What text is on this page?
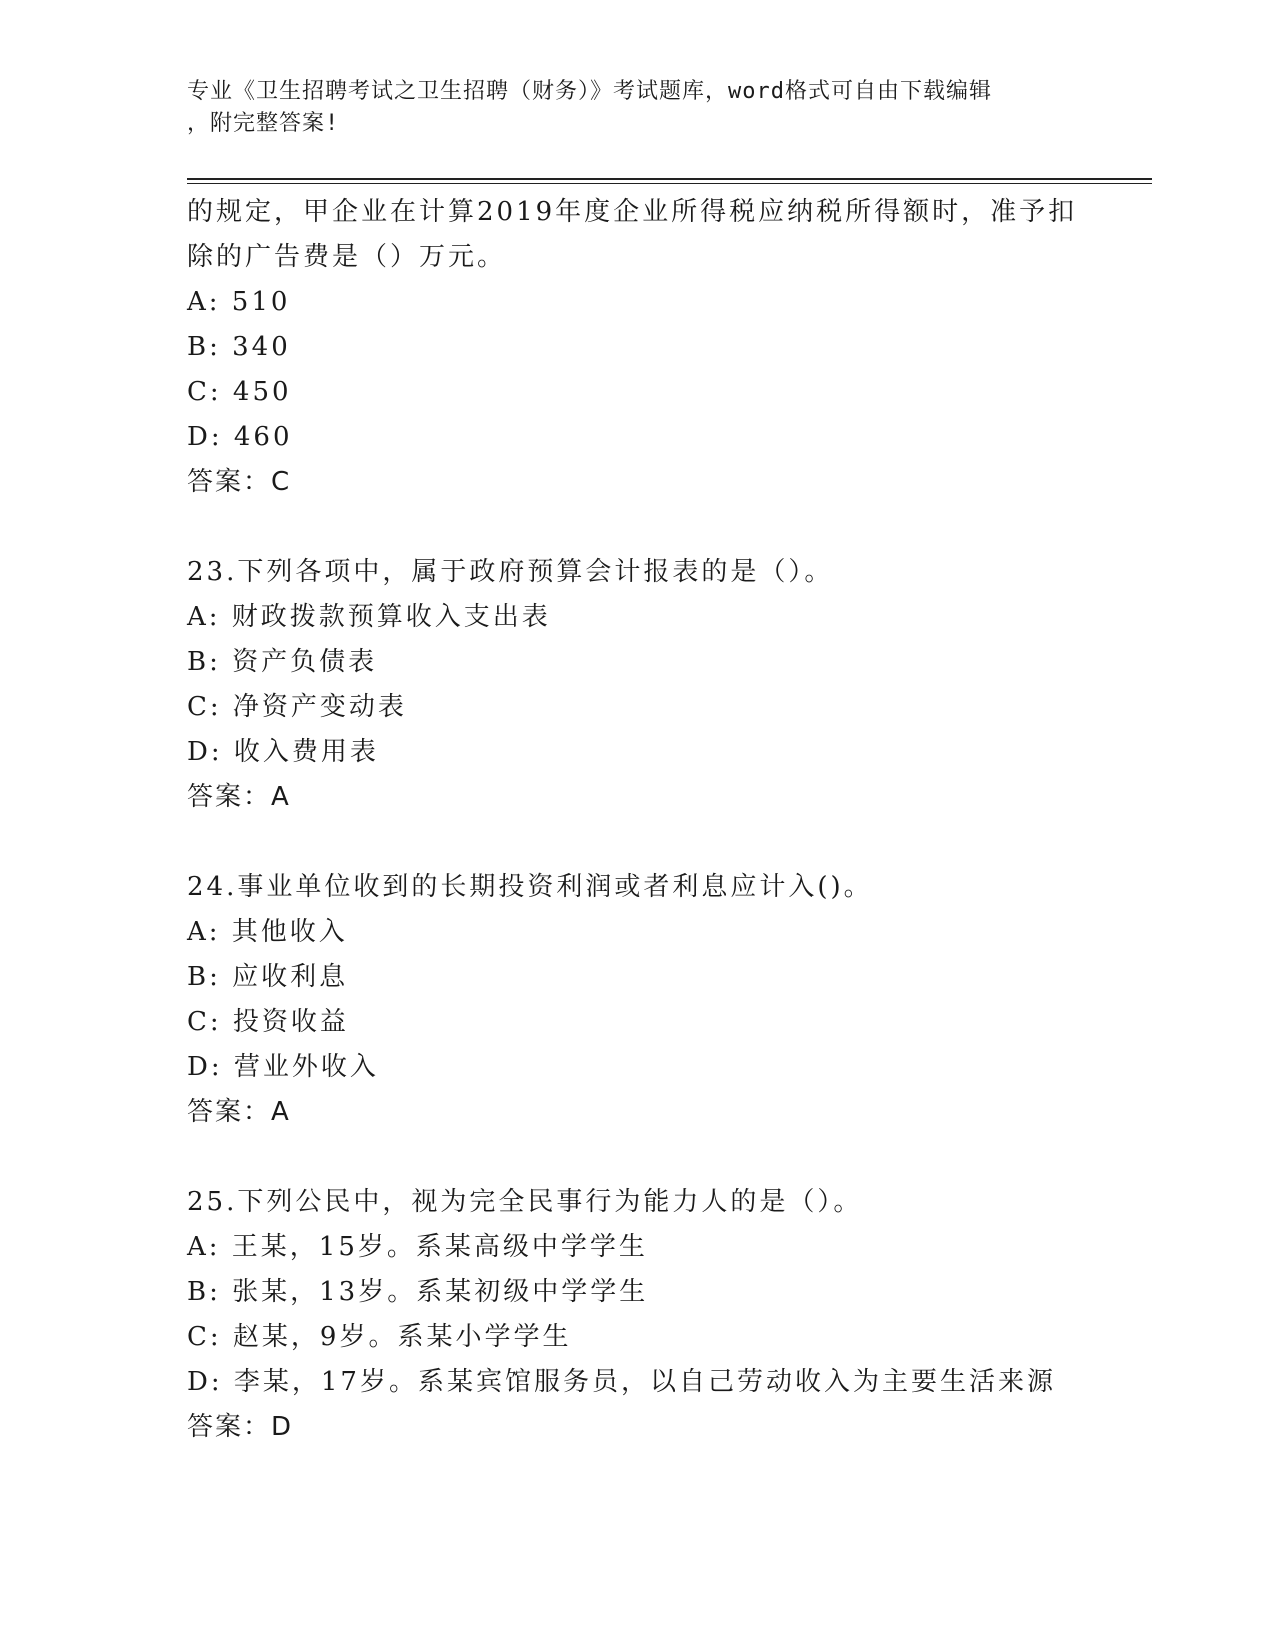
专业《卫生招聘考试之卫生招聘（财务）》考试题库，word格式可自由下载编辑
，附完整答案!
的规定，甲企业在计算2019年度企业所得税应纳税所得额时，准予扣
除的广告费是（）万元。
A: 510
B: 340
C: 450
D: 460
答案：C
23.下列各项中，属于政府预算会计报表的是（）。
A: 财政拨款预算收入支出表
B: 资产负债表
C: 净资产变动表
D: 收入费用表
答案：A
24.事业单位收到的长期投资利润或者利息应计入()。
A: 其他收入
B: 应收利息
C: 投资收益
D: 营业外收入
答案：A
25.下列公民中，视为完全民事行为能力人的是（）。
A: 王某，15岁。系某高级中学学生
B: 张某，13岁。系某初级中学学生
C: 赵某，9岁。系某小学学生
D: 李某，17岁。系某宾馆服务员，以自己劳动收入为主要生活来源
答案：D
